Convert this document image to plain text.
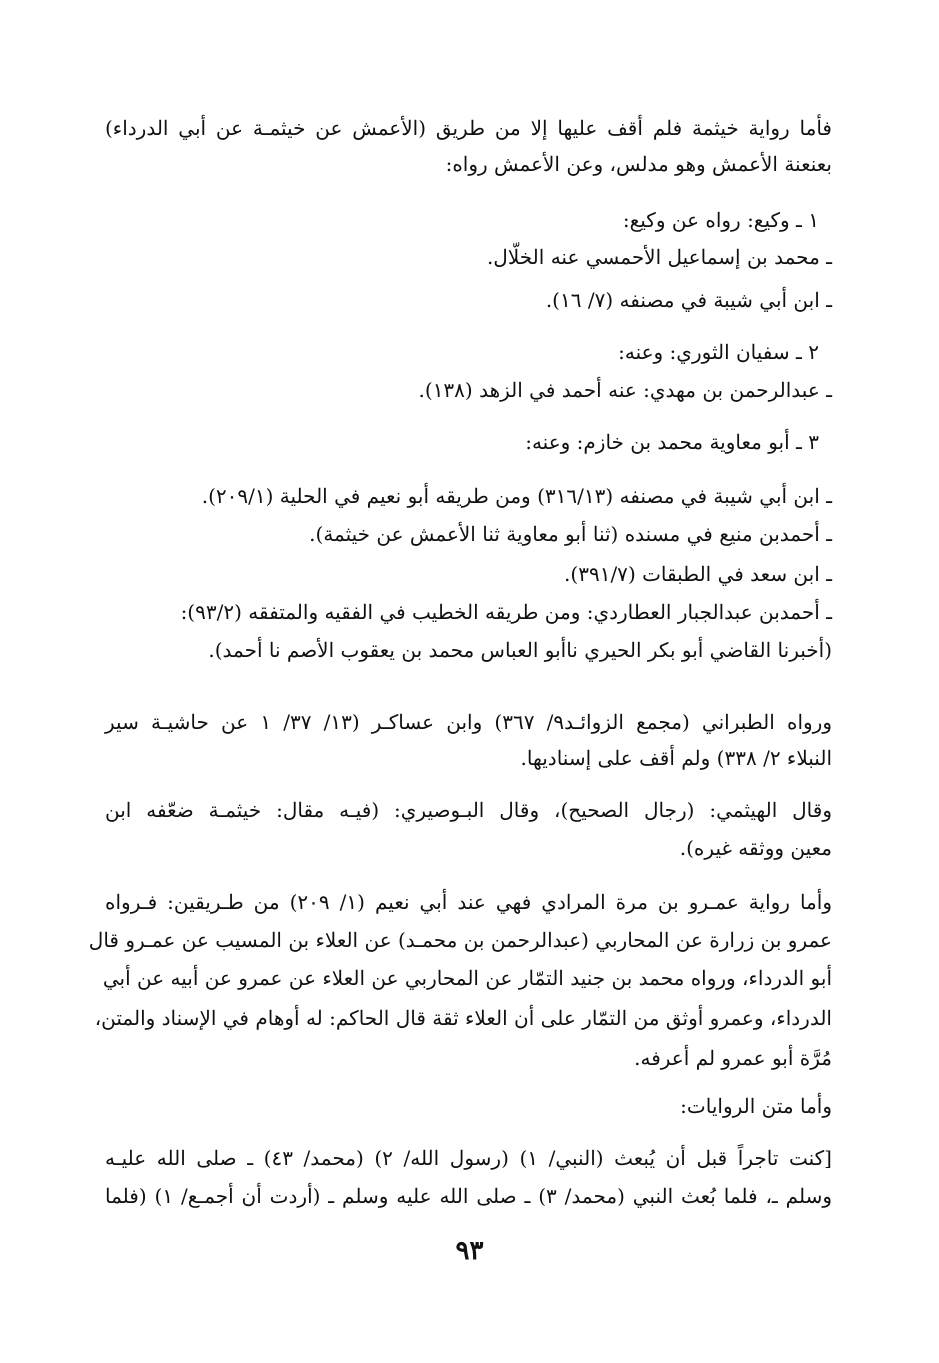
فأما رواية خيثمة فلم أقف عليها إلا من طريق (الأعمش عن خيثمـة عن أبي الدرداء)
بعنعنة الأعمش وهو مدلس، وعن الأعمش رواه:
١ ـ وكيع: رواه عن وكيع:
ـ محمد بن إسماعيل الأحمسي عنه الخلّال.
ـ ابن أبي شيبة في مصنفه (٧/ ١٦).
٢ ـ سفيان الثوري: وعنه:
ـ عبدالرحمن بن مهدي: عنه أحمد في الزهد (١٣٨).
٣ ـ أبو معاوية محمد بن خازم: وعنه:
ـ ابن أبي شيبة في مصنفه (٣١٦/١٣) ومن طريقه أبو نعيم في الحلية (٢٠٩/١).
ـ أحمدبن منيع في مسنده (ثنا أبو معاوية ثنا الأعمش عن خيثمة).
ـ ابن سعد في الطبقات (٣٩١/٧).
ـ أحمدبن عبدالجبار العطاردي: ومن طريقه الخطيب في الفقيه والمتفقه (٩٣/٢):
(أخبرنا القاضي أبو بكر الحيري ناأبو العباس محمد بن يعقوب الأصم نا أحمد).
ورواه الطبراني (مجمع الزوائـد٩/ ٣٦٧) وابن عساكـر (١٣/ ٣٧/ ١ عن حاشيـة سير
النبلاء ٢/ ٣٣٨) ولم أقف على إسناديها.
وقال الهيثمي: (رجال الصحيح)، وقال البـوصيري: (فيـه مقال: خيثمـة ضعّفه ابن
معين ووثقه غيره).
وأما رواية عمـرو بن مرة المرادي فهي عند أبي نعيم (١/ ٢٠٩) من طـريقين: فـرواه
عمرو بن زرارة عن المحاربي (عبدالرحمن بن محمـد) عن العلاء بن المسيب عن عمـرو قال
أبو الدرداء، ورواه محمد بن جنيد التمّار عن المحاربي عن العلاء عن عمرو عن أبيه عن أبي
الدرداء، وعمرو أوثق من التمّار على أن العلاء ثقة قال الحاكم: له أوهام في الإسناد والمتن،
مُرَّة أبو عمرو لم أعرفه.
وأما متن الروايات:
[كنت تاجراً قبل أن يُبعث (النبي/ ١) (رسول الله/ ٢) (محمد/ ٤٣) ـ صلى الله عليـه
وسلم ـ، فلما بُعث النبي (محمد/ ٣) ـ صلى الله عليه وسلم ـ (أردت أن أجمـع/ ١) (فلما
٩٣
